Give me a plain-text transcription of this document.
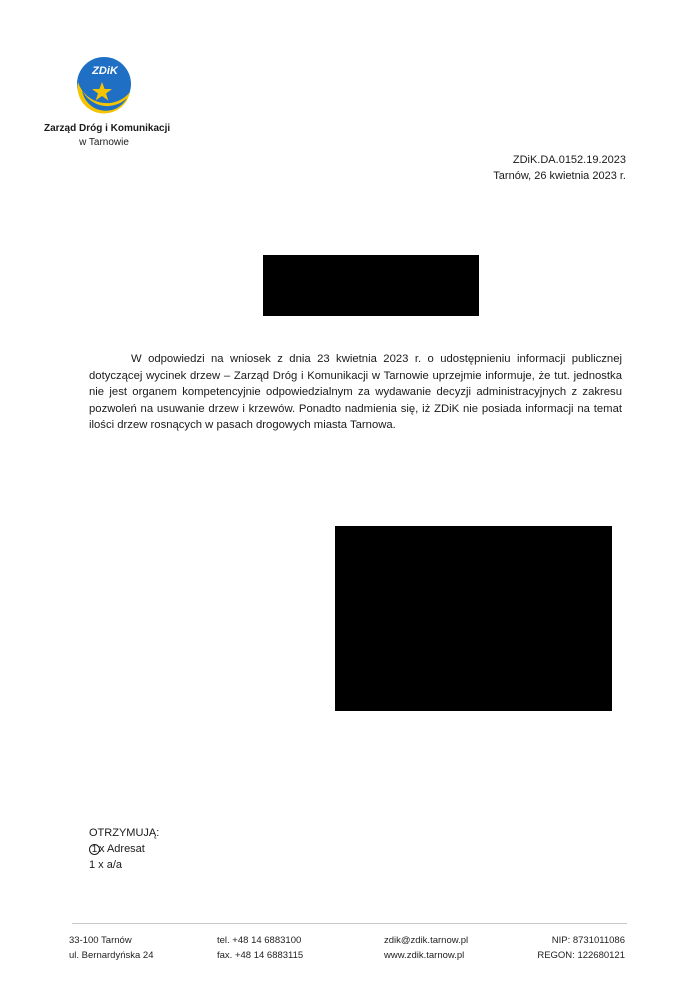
ZDiK
Zarząd Dróg i Komunikacji
w Tarnowie
ZDiK.DA.0152.19.2023
Tarnów, 26 kwietnia 2023 r.

W odpowiedzi na wniosek z dnia 23 kwietnia 2023 r. o udostępnieniu informacji publicznej dotyczącej wycinek drzew – Zarząd Dróg i Komunikacji w Tarnowie uprzejmie informuje, że tut. jednostka nie jest organem kompetencyjnie odpowiedzialnym za wydawanie decyzji administracyjnych z zakresu pozwoleń na usuwanie drzew i krzewów. Ponadto nadmienia się, iż ZDiK nie posiada informacji na temat ilości drzew rosnących w pasach drogowych miasta Tarnowa.

OTRZYMUJĄ:
1 x Adresat
1 x a/a
33-100 Tarnów
ul. Bernardyńska 24
tel. +48 14 6883100
fax. +48 14 6883115
zdik@zdik.tarnow.pl
www.zdik.tarnow.pl
NIP: 8731011086
REGON: 122680121
